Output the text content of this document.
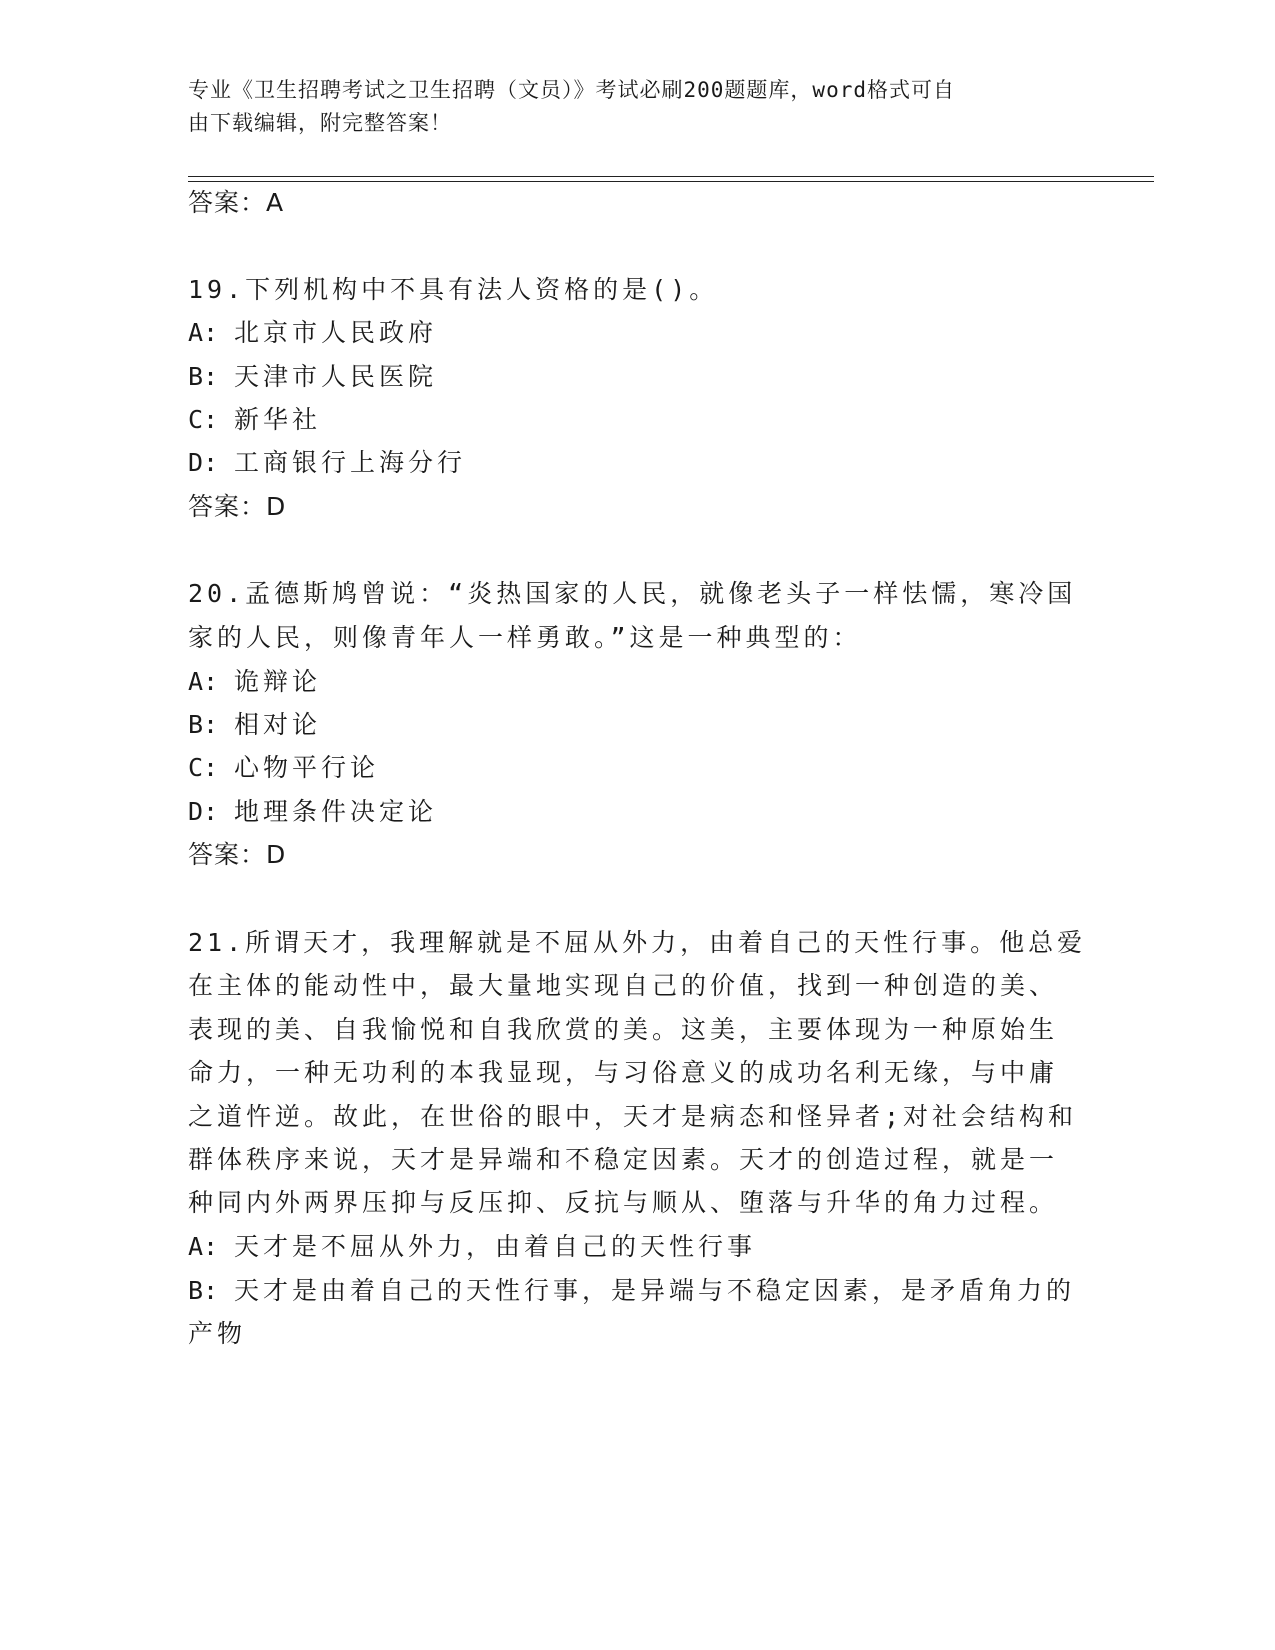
专业《卫生招聘考试之卫生招聘（文员）》考试必刷200题题库，word格式可自
由下载编辑，附完整答案！
答案：A
19.下列机构中不具有法人资格的是()。
A: 北京市人民政府
B: 天津市人民医院
C: 新华社
D: 工商银行上海分行
答案：D
20.孟德斯鸠曾说：“炎热国家的人民，就像老头子一样怯懦，寒冷国
家的人民，则像青年人一样勇敢。”这是一种典型的：
A: 诡辩论
B: 相对论
C: 心物平行论
D: 地理条件决定论
答案：D
21.所谓天才，我理解就是不屈从外力，由着自己的天性行事。他总爱
在主体的能动性中，最大量地实现自己的价值，找到一种创造的美、
表现的美、自我愉悦和自我欣赏的美。这美，主要体现为一种原始生
命力，一种无功利的本我显现，与习俗意义的成功名利无缘，与中庸
之道忤逆。故此，在世俗的眼中，天才是病态和怪异者;对社会结构和
群体秩序来说，天才是异端和不稳定因素。天才的创造过程，就是一
种同内外两界压抑与反压抑、反抗与顺从、堕落与升华的角力过程。
A: 天才是不屈从外力，由着自己的天性行事
B: 天才是由着自己的天性行事，是异端与不稳定因素，是矛盾角力的
产物
